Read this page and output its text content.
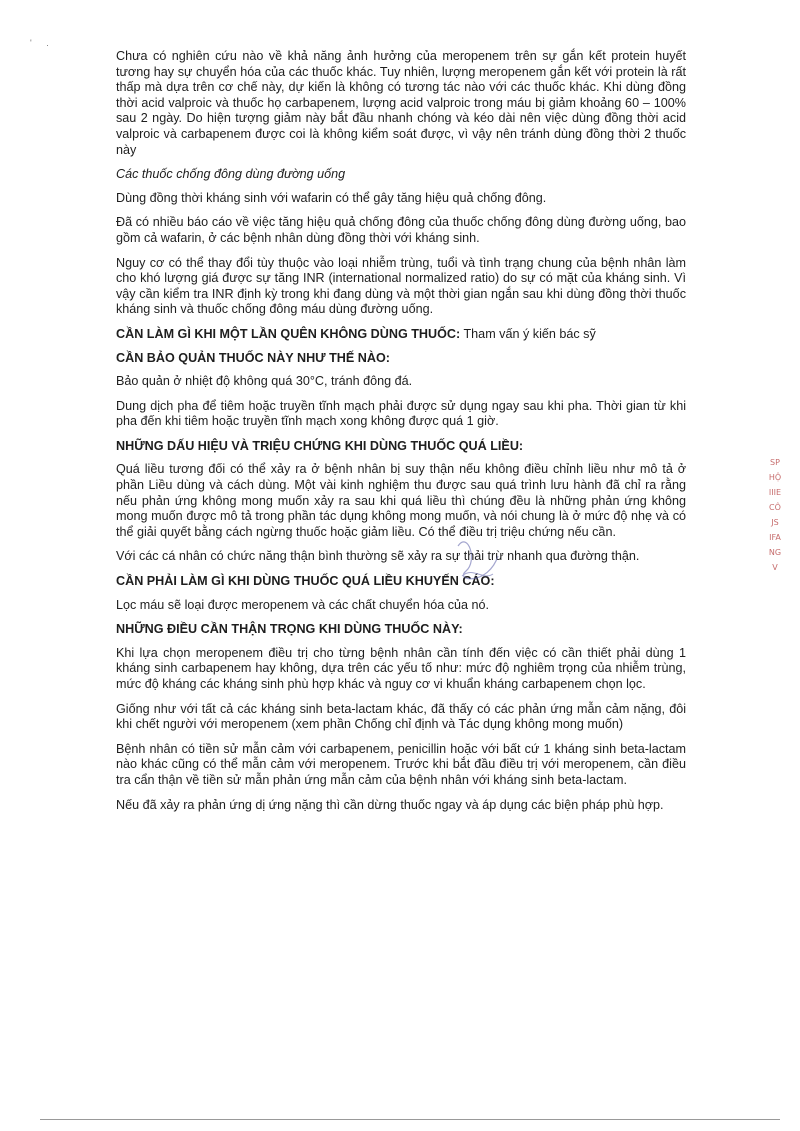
' .

Chưa có nghiên cứu nào về khả năng ảnh hưởng của meropenem trên sự gắn kết protein huyết tương hay sự chuyển hóa của các thuốc khác. Tuy nhiên, lượng meropenem gắn kết với protein là rất thấp mà dựa trên cơ chế này, dự kiến là không có tương tác nào với các thuốc khác. Khi dùng đồng thời acid valproic và thuốc họ carbapenem, lượng acid valproic trong máu bị giảm khoảng 60 – 100% sau 2 ngày. Do hiện tượng giảm này bắt đầu nhanh chóng và kéo dài nên việc dùng đồng thời acid valproic và carbapenem được coi là không kiểm soát được, vì vậy nên tránh dùng đồng thời 2 thuốc này

Các thuốc chống đông dùng đường uống

Dùng đồng thời kháng sinh với wafarin có thể gây tăng hiệu quả chống đông.

Đã có nhiều báo cáo về việc tăng hiệu quả chống đông của thuốc chống đông dùng đường uống, bao gồm cả wafarin, ở các bệnh nhân dùng đồng thời với kháng sinh.

Nguy cơ có thể thay đổi tùy thuộc vào loại nhiễm trùng, tuổi và tình trạng chung của bệnh nhân làm cho khó lượng giá được sự tăng INR (international normalized ratio) do sự có mặt của kháng sinh. Vì vậy cần kiểm tra INR định kỳ trong khi đang dùng và một thời gian ngắn sau khi dùng đồng thời thuốc kháng sinh và thuốc chống đông máu dùng đường uống.

CẦN LÀM GÌ KHI MỘT LẦN QUÊN KHÔNG DÙNG THUỐC: Tham vấn ý kiến bác sỹ

CẦN BẢO QUẢN THUỐC NÀY NHƯ THẾ NÀO:

Bảo quản ở nhiệt độ không quá 30°C, tránh đông đá.

Dung dịch pha để tiêm hoặc truyền tĩnh mạch phải được sử dụng ngay sau khi pha. Thời gian từ khi pha đến khi tiêm hoặc truyền tĩnh mạch xong không được quá 1 giờ.

NHỮNG DẤU HIỆU VÀ TRIỆU CHỨNG KHI DÙNG THUỐC QUÁ LIỀU:

Quá liều tương đối có thể xảy ra ở bệnh nhân bị suy thận nếu không điều chỉnh liều như mô tả ở phần Liều dùng và cách dùng. Một vài kinh nghiệm thu được sau quá trình lưu hành đã chỉ ra rằng nếu phản ứng không mong muốn xảy ra sau khi quá liều thì chúng đều là những phản ứng không mong muốn được mô tả trong phần tác dụng không mong muốn, và nói chung là ở mức độ nhẹ và có thể giải quyết bằng cách ngừng thuốc hoặc giảm liều. Có thể điều trị triệu chứng nếu cần.

Với các cá nhân có chức năng thận bình thường sẽ xảy ra sự thải trừ nhanh qua đường thận.

CẦN PHẢI LÀM GÌ KHI DÙNG THUỐC QUÁ LIỀU KHUYẾN CÁO:

Lọc máu sẽ loại được meropenem và các chất chuyển hóa của nó.

NHỮNG ĐIỀU CẦN THẬN TRỌNG KHI DÙNG THUỐC NÀY:

Khi lựa chọn meropenem điều trị cho từng bệnh nhân cần tính đến việc có cần thiết phải dùng 1 kháng sinh carbapenem hay không, dựa trên các yếu tố như: mức độ nghiêm trọng của nhiễm trùng, mức độ kháng các kháng sinh phù hợp khác và nguy cơ vi khuẩn kháng carbapenem chọn lọc.

Giống như với tất cả các kháng sinh beta-lactam khác, đã thấy có các phản ứng mẫn cảm nặng, đôi khi chết người với meropenem (xem phần Chống chỉ định và Tác dụng không mong muốn)

Bệnh nhân có tiền sử mẫn cảm với carbapenem, penicillin hoặc với bất cứ 1 kháng sinh beta-lactam nào khác cũng có thể mẫn cảm với meropenem. Trước khi bắt đầu điều trị với meropenem, cần điều tra cẩn thận về tiền sử mẫn phản ứng mẫn cảm của bệnh nhân với kháng sinh beta-lactam.

Nếu đã xảy ra phản ứng dị ứng nặng thì cần dừng thuốc ngay và áp dụng các biện pháp phù hợp.

SP
HỘ
IIIE
CÔ
JS
IFA
NG
V
